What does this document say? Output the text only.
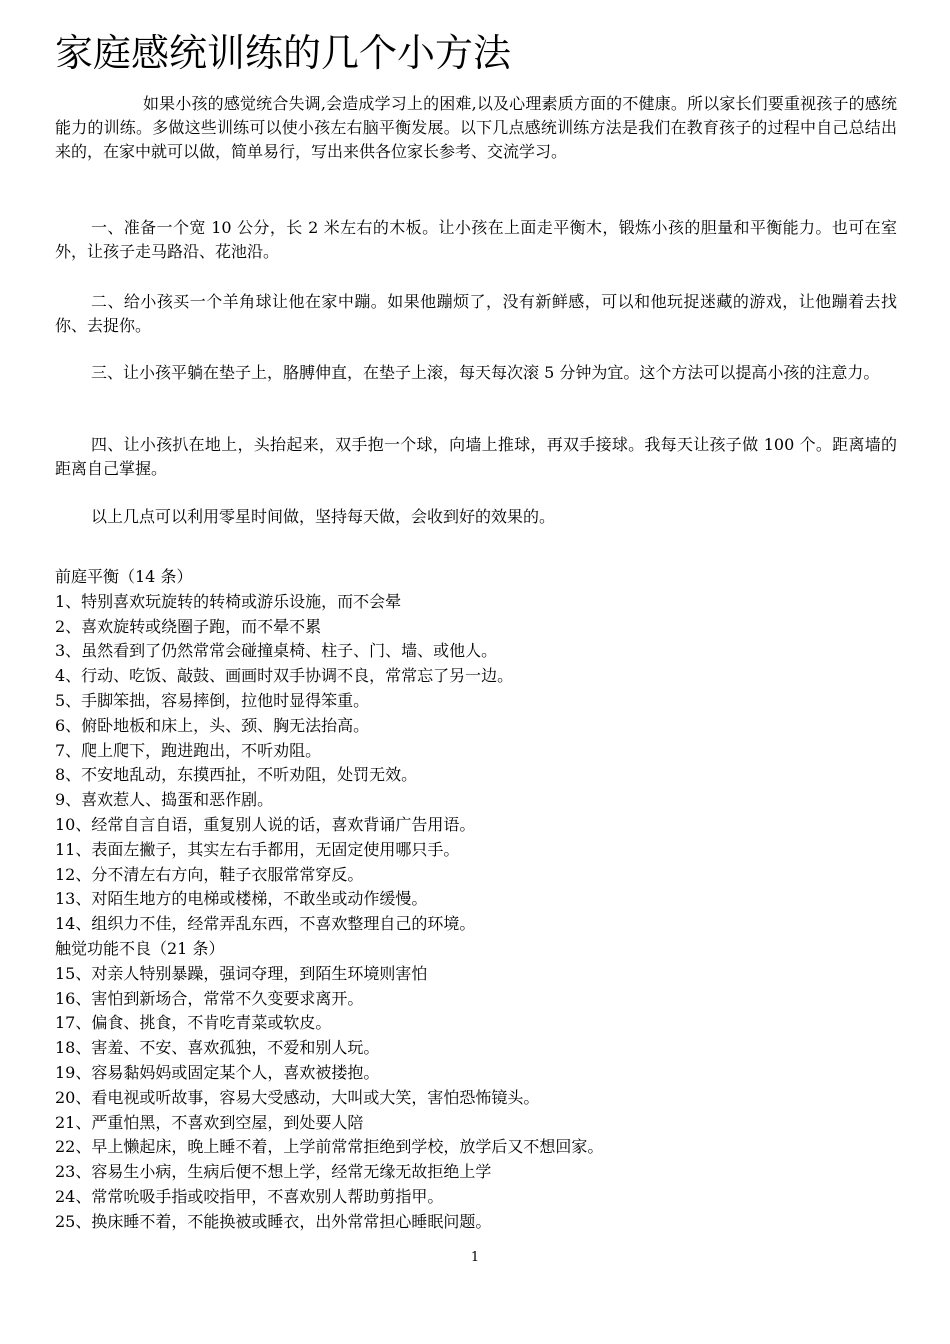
家庭感统训练的几个小方法

如果小孩的感觉统合失调,会造成学习上的困难,以及心理素质方面的不健康。所以家长们要重视孩子的感统能力的训练。多做这些训练可以使小孩左右脑平衡发展。以下几点感统训练方法是我们在教育孩子的过程中自己总结出来的，在家中就可以做，简单易行，写出来供各位家长参考、交流学习。

一、准备一个宽 10 公分，长 2 米左右的木板。让小孩在上面走平衡木，锻炼小孩的胆量和平衡能力。也可在室外，让孩子走马路沿、花池沿。

二、给小孩买一个羊角球让他在家中蹦。如果他蹦烦了，没有新鲜感，可以和他玩捉迷藏的游戏，让他蹦着去找你、去捉你。

三、让小孩平躺在垫子上，胳膊伸直，在垫子上滚，每天每次滚 5 分钟为宜。这个方法可以提高小孩的注意力。

四、让小孩扒在地上，头抬起来，双手抱一个球，向墙上推球，再双手接球。我每天让孩子做 100 个。距离墙的距离自己掌握。

以上几点可以利用零星时间做，坚持每天做，会收到好的效果的。

前庭平衡（14 条）
1、特别喜欢玩旋转的转椅或游乐设施，而不会晕
2、喜欢旋转或绕圈子跑，而不晕不累
3、虽然看到了仍然常常会碰撞桌椅、柱子、门、墙、或他人。
4、行动、吃饭、敲鼓、画画时双手协调不良，常常忘了另一边。
5、手脚笨拙，容易摔倒，拉他时显得笨重。
6、俯卧地板和床上，头、颈、胸无法抬高。
7、爬上爬下，跑进跑出，不听劝阻。
8、不安地乱动，东摸西扯，不听劝阻，处罚无效。
9、喜欢惹人、捣蛋和恶作剧。
10、经常自言自语，重复别人说的话，喜欢背诵广告用语。
11、表面左撇子，其实左右手都用，无固定使用哪只手。
12、分不清左右方向，鞋子衣服常常穿反。
13、对陌生地方的电梯或楼梯，不敢坐或动作缓慢。
14、组织力不佳，经常弄乱东西，不喜欢整理自己的环境。
触觉功能不良（21 条）
15、对亲人特别暴躁，强词夺理，到陌生环境则害怕
16、害怕到新场合，常常不久变要求离开。
17、偏食、挑食，不肯吃青菜或软皮。
18、害羞、不安、喜欢孤独，不爱和别人玩。
19、容易黏妈妈或固定某个人，喜欢被搂抱。
20、看电视或听故事，容易大受感动，大叫或大笑，害怕恐怖镜头。
21、严重怕黑，不喜欢到空屋，到处要人陪
22、早上懒起床，晚上睡不着，上学前常常拒绝到学校，放学后又不想回家。
23、容易生小病，生病后便不想上学，经常无缘无故拒绝上学
24、常常吮吸手指或咬指甲，不喜欢别人帮助剪指甲。
25、换床睡不着，不能换被或睡衣，出外常常担心睡眠问题。
1
